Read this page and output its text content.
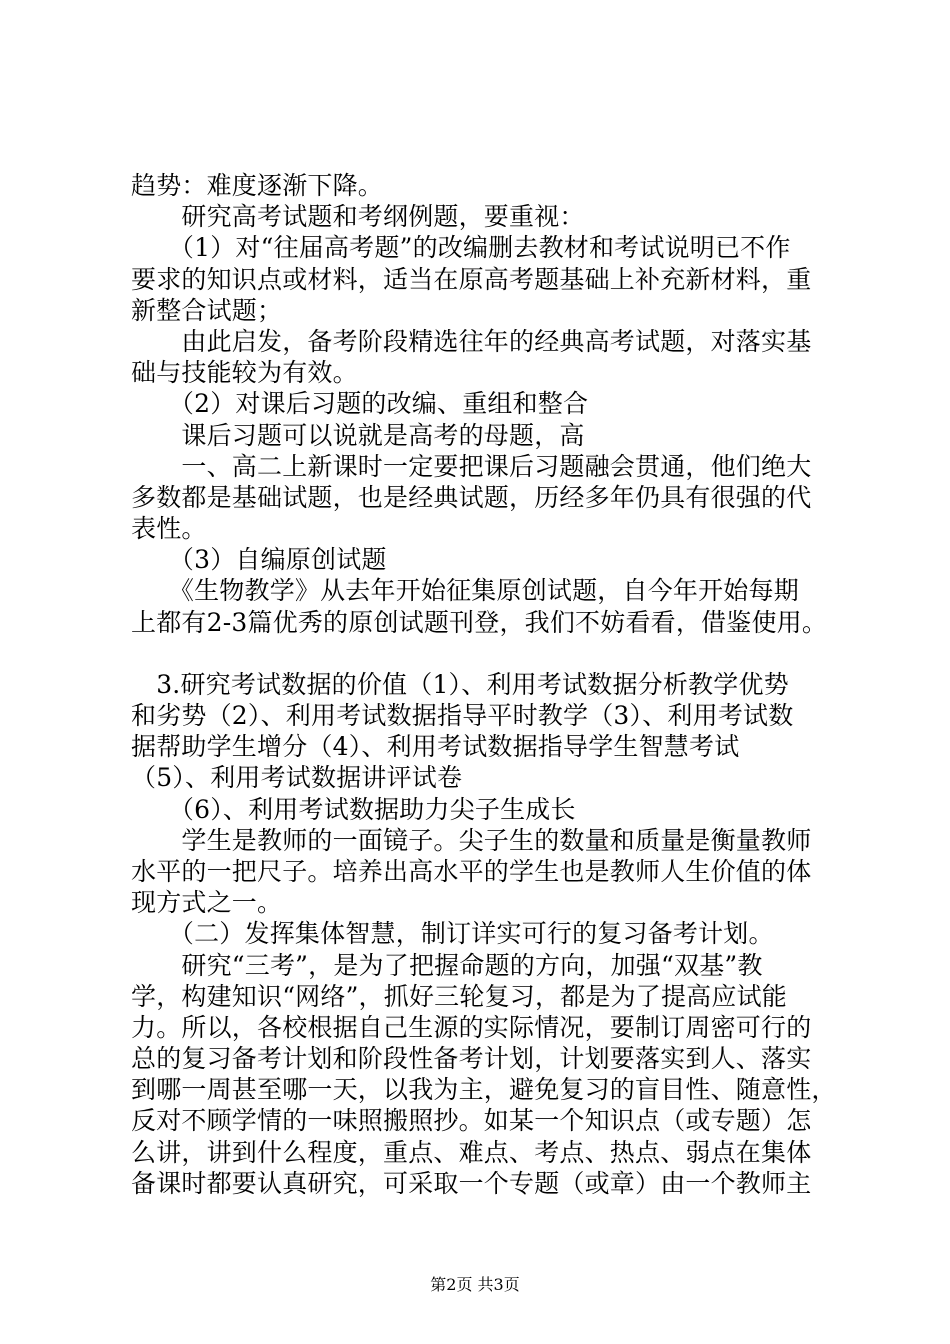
趋势：难度逐渐下降。
　　研究高考试题和考纲例题，要重视：
　　（1）对“往届高考题”的改编删去教材和考试说明已不作
要求的知识点或材料，适当在原高考题基础上补充新材料，重
新整合试题；
　　由此启发，备考阶段精选往年的经典高考试题，对落实基
础与技能较为有效。
　　（2）对课后习题的改编、重组和整合
　　课后习题可以说就是高考的母题，高
　　一、高二上新课时一定要把课后习题融会贯通，他们绝大
多数都是基础试题，也是经典试题，历经多年仍具有很强的代
表性。
　　（3）自编原创试题
　　《生物教学》从去年开始征集原创试题，自今年开始每期
上都有2-3篇优秀的原创试题刊登，我们不妨看看，借鉴使用。
　3.研究考试数据的价值（1）、利用考试数据分析教学优势
和劣势（2）、利用考试数据指导平时教学（3）、利用考试数
据帮助学生增分（4）、利用考试数据指导学生智慧考试
（5）、利用考试数据讲评试卷
　　（6）、利用考试数据助力尖子生成长
　　学生是教师的一面镜子。尖子生的数量和质量是衡量教师
水平的一把尺子。培养出高水平的学生也是教师人生价值的体
现方式之一。
　　（二）发挥集体智慧，制订详实可行的复习备考计划。
　　研究“三考”，是为了把握命题的方向，加强“双基”教
学，构建知识“网络”，抓好三轮复习，都是为了提高应试能
力。所以，各校根据自己生源的实际情况，要制订周密可行的
总的复习备考计划和阶段性备考计划，计划要落实到人、落实
到哪一周甚至哪一天，以我为主，避免复习的盲目性、随意性，
反对不顾学情的一味照搬照抄。如某一个知识点（或专题）怎
么讲，讲到什么程度，重点、难点、考点、热点、弱点在集体
备课时都要认真研究，可采取一个专题（或章）由一个教师主
第2页 共3页
